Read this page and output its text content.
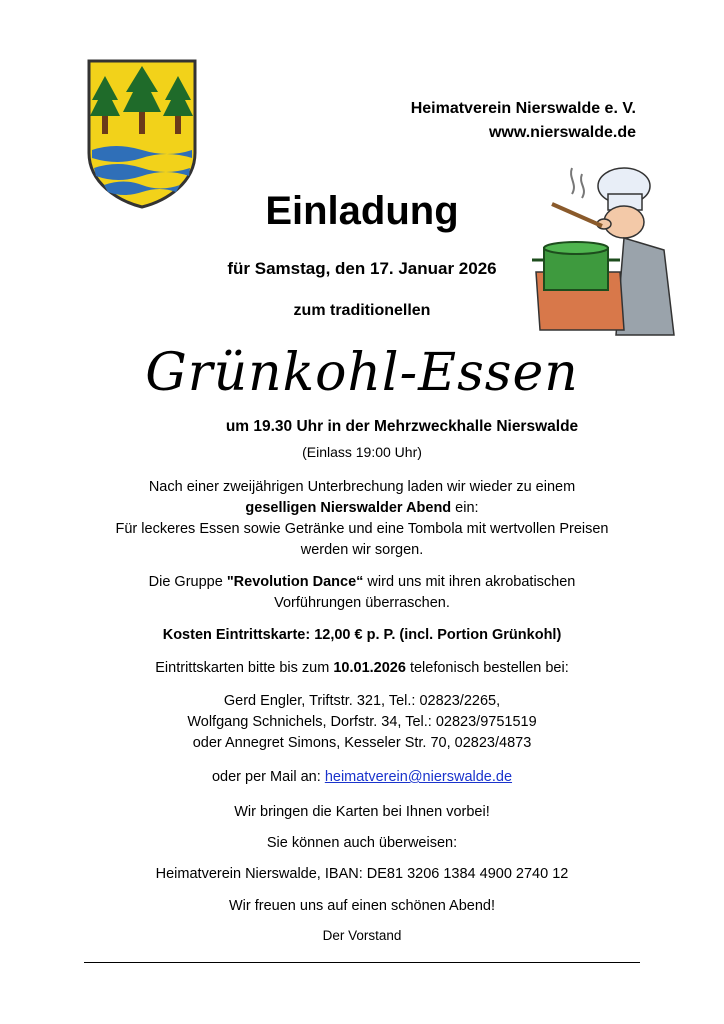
Heimatverein Nierswalde e. V.
www.nierswalde.de
Einladung
für Samstag, den 17. Januar 2026
zum traditionellen
Grünkohl-Essen
um 19.30 Uhr in der Mehrzweckhalle Nierswalde
(Einlass 19:00 Uhr)
Nach einer zweijährigen Unterbrechung laden wir wieder zu einem
geselligen Nierswalder Abend ein:
Für leckeres Essen sowie Getränke und eine Tombola mit wertvollen Preisen
werden wir sorgen.
Die Gruppe "Revolution Dance“ wird uns mit ihren akrobatischen
Vorführungen überraschen.
Kosten Eintrittskarte: 12,00 € p. P. (incl. Portion Grünkohl)
Eintrittskarten bitte bis zum 10.01.2026 telefonisch bestellen bei:
Gerd Engler, Triftstr. 321, Tel.: 02823/2265,
Wolfgang Schnichels, Dorfstr. 34, Tel.: 02823/9751519
oder Annegret Simons, Kesseler Str. 70, 02823/4873
oder per Mail an: heimatverein@nierswalde.de
Wir bringen die Karten bei Ihnen vorbei!
Sie können auch überweisen:
Heimatverein Nierswalde, IBAN: DE81 3206 1384 4900 2740 12
Wir freuen uns auf einen schönen Abend!
Der Vorstand
